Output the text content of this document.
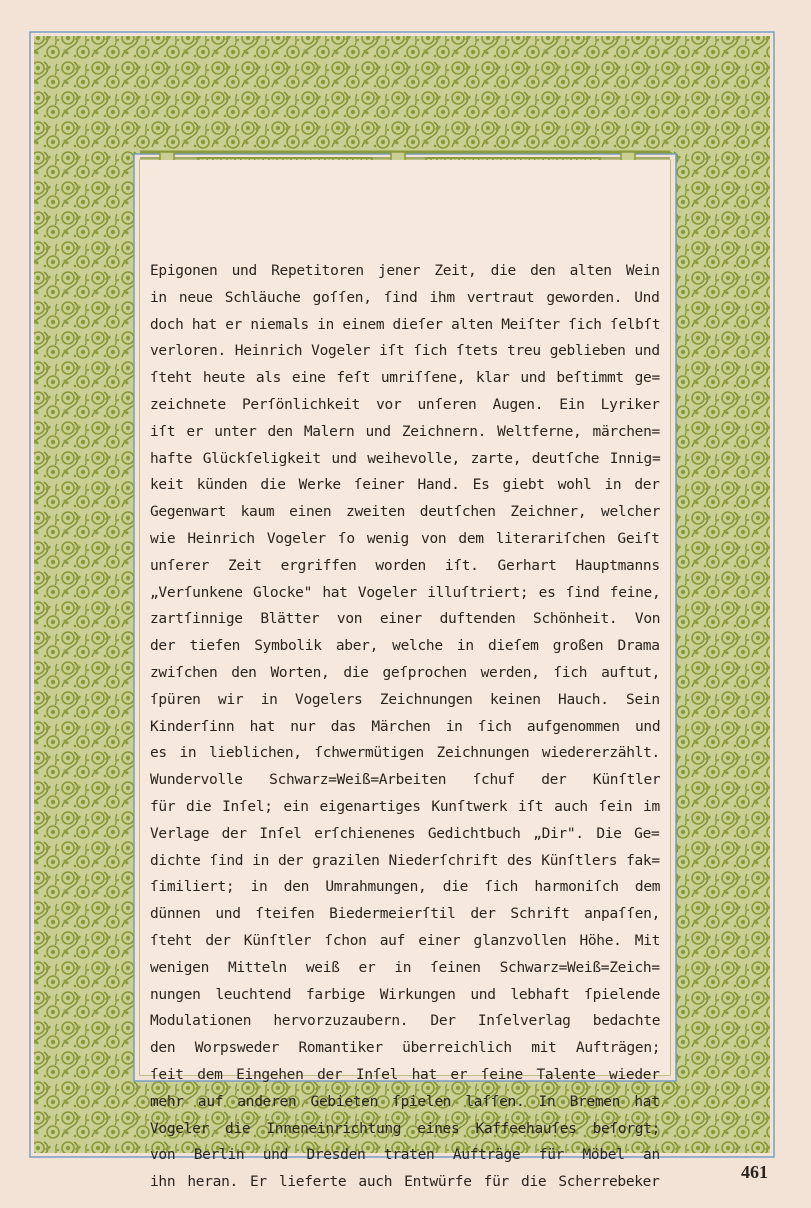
Epigonen und Repetitoren jener Zeit, die den alten Wein
in neue Schläuche goſſen, ſind ihm vertraut geworden. Und
doch hat er niemals in einem dieſer alten Meiſter ſich ſelbſt
verloren. Heinrich Vogeler iſt ſich ſtets treu geblieben und
ſteht heute als eine feſt umriſſene, klar und beſtimmt ge=
zeichnete Perſönlichkeit vor unſeren Augen. Ein Lyriker
iſt er unter den Malern und Zeichnern. Weltferne, märchen=
hafte Glückſeligkeit und weihevolle, zarte, deutſche Innig=
keit künden die Werke ſeiner Hand. Es giebt wohl in der
Gegenwart kaum einen zweiten deutſchen Zeichner, welcher
wie Heinrich Vogeler ſo wenig von dem literariſchen Geiſt
unſerer Zeit ergriffen worden iſt. Gerhart Hauptmanns
„Verſunkene Glocke" hat Vogeler illuſtriert; es ſind feine,
zartſinnige Blätter von einer duftenden Schönheit. Von
der tiefen Symbolik aber, welche in dieſem großen Drama
zwiſchen den Worten, die geſprochen werden, ſich auftut,
ſpüren wir in Vogelers Zeichnungen keinen Hauch. Sein
Kinderſinn hat nur das Märchen in ſich aufgenommen und
es in lieblichen, ſchwermütigen Zeichnungen wiedererzählt.
Wundervolle Schwarz=Weiß=Arbeiten ſchuf der Künſtler
für die Inſel; ein eigenartiges Kunſtwerk iſt auch ſein im
Verlage der Inſel erſchienenes Gedichtbuch „Dir". Die Ge=
dichte ſind in der grazilen Niederſchrift des Künſtlers fak=
ſimiliert; in den Umrahmungen, die ſich harmoniſch dem
dünnen und ſteifen Biedermeierſtil der Schrift anpaſſen,
ſteht der Künſtler ſchon auf einer glanzvollen Höhe. Mit
wenigen Mitteln weiß er in ſeinen Schwarz=Weiß=Zeich=
nungen leuchtend farbige Wirkungen und lebhaft ſpielende
Modulationen hervorzuzaubern. Der Inſelverlag bedachte
den Worpsweder Romantiker überreichlich mit Aufträgen;
ſeit dem Eingehen der Inſel hat er ſeine Talente wieder
mehr auf anderen Gebieten ſpielen laſſen. In Bremen hat
Vogeler die Inneneinrichtung eines Kaffeehauſes beſorgt;
von Berlin und Dresden traten Aufträge für Möbel an
ihn heran. Er lieferte auch Entwürfe für die Scherrebeker
461
